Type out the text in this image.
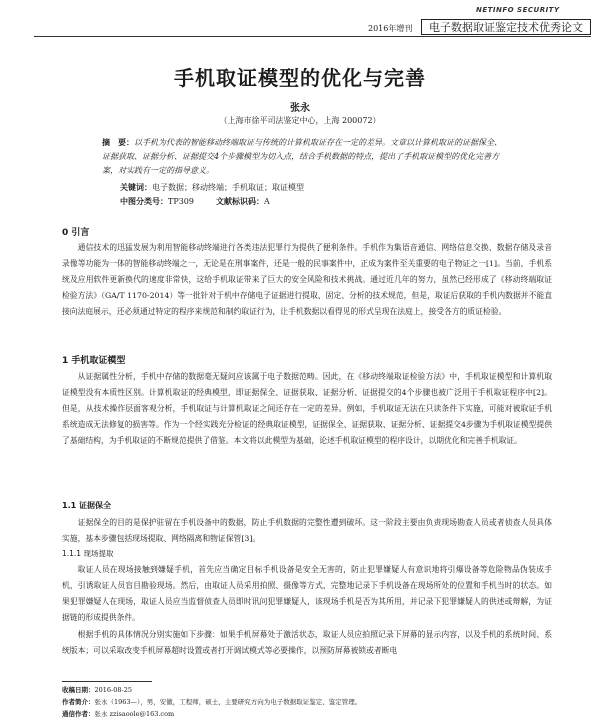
NETINFO SECURITY
2016年增刊	电子数据取证鉴定技术优秀论文
手机取证模型的优化与完善
张永
（上海市徐平司法鉴定中心，上海 200072）
摘　要：以手机为代表的智能移动终端取证与传统的计算机取证存在一定的差异。文章以计算机取证的证据保全、证据获取、证据分析、证据提交4个步骤模型为切入点，结合手机数据的特点，提出了手机取证模型的优化完善方案，对实践有一定的指导意义。
关键词：电子数据；移动终端；手机取证；取证模型
中图分类号：TP309	文献标识码：A
0 引言
通信技术的迅猛发展为利用智能移动终端进行各类违法犯罪行为提供了便利条件。手机作为集语音通信、网络信息交换、数据存储及录音录像等功能为一体的智能移动终端之一，无论是在刑事案件，还是一般的民事案件中，正成为案件至关重要的电子物证之一[1]。当前，手机系统及应用软件更新换代的速度非常快，这给手机取证带来了巨大的安全风险和技术挑战。通过近几年的努力，虽然已经形成了《移动终端取证检验方法》（GA/T 1170-2014）等一批针对于机中存储电子证据进行提取、固定、分析的技术规范，但是，取证后获取的手机内数据并不能直接向法庭展示，还必须通过特定的程序来规范和制约取证行为，让手机数据以看得见的形式呈现在法庭上，接受各方的质证检验。
1 手机取证模型
从证据属性分析，手机中存储的数据毫无疑问应该属于电子数据范畴。因此，在《移动终端取证检验方法》中，手机取证模型和计算机取证模型没有本质性区别。计算机取证的经典模型，即证据保全、证据获取、证据分析、证据提交的4个步骤也被广泛用于手机取证程序中[2]。但是，从技术操作层面客观分析，手机取证与计算机取证之间还存在一定的差异。例如，手机取证无法在只读条件下实施，可能对被取证手机系统造成无法修复的损害等。作为一个经实践充分检证的经典取证模型，证据保全、证据获取、证据分析、证据提交4步骤为手机取证模型提供了基础结构，为手机取证的不断规范提供了借鉴。本文将以此模型为基础，论述手机取证模型的程序设计，以期优化和完善手机取证。
1.1 证据保全
证据保全的目的是保护驻留在手机设备中的数据，防止手机数据的完整性遭到破坏。这一阶段主要由负责现场勘查人员或者侦查人员具体实施，基本步骤包括现场提取、网络隔离和物证保管[3]。
1.1.1 现场提取
取证人员在现场接触到嫌疑手机，首先应当确定目标手机设备是安全无害的，防止犯罪嫌疑人有意识地将引爆设备等危险物品伪装成手机，引诱取证人员盲目勘验现场。然后，由取证人员采用拍照、摄像等方式，完整地记录下手机设备在现场所处的位置和手机当时的状态。如果犯罪嫌疑人在现场，取证人员应当监督侦查人员即时讯问犯罪嫌疑人，该现场手机是否为其所用，并记录下犯罪嫌疑人的供述或辩解，为证据链的形成提供条件。
根据手机的具体情况分别实施如下步骤：如果手机屏幕处于激活状态，取证人员应拍照记录下屏幕的显示内容，以及手机的系统时间、系统版本；可以采取改变手机屏幕超时设置或者打开调试模式等必要操作，以预防屏幕被锁或者断电
收稿日期：2016-08-25
作者简介：张永（1963—），男，安徽，工程师，硕士，主要研究方向为电子数据取证鉴定、鉴定管理。
通信作者：张永 zzisaoole@163.com
